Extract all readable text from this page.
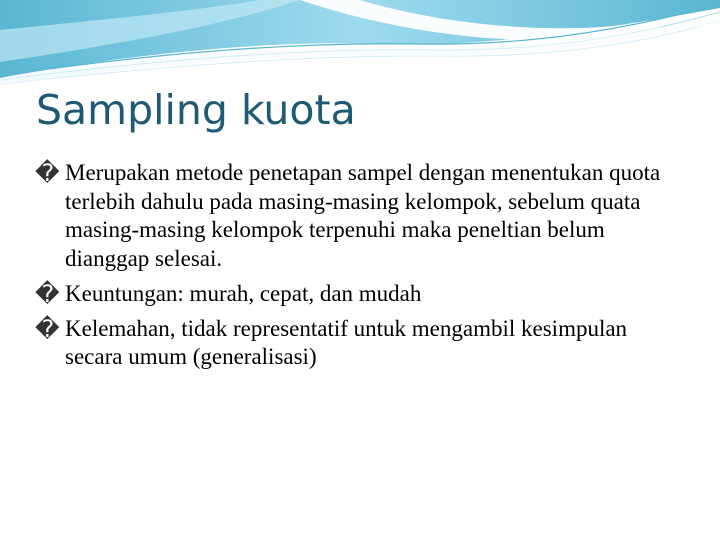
Sampling kuota
� Merupakan metode penetapan sampel dengan menentukan quota terlebih dahulu pada masing-masing kelompok, sebelum quata masing-masing kelompok terpenuhi maka peneltian belum dianggap selesai.
� Keuntungan: murah, cepat, dan mudah
� Kelemahan, tidak representatif untuk mengambil kesimpulan secara umum (generalisasi)
